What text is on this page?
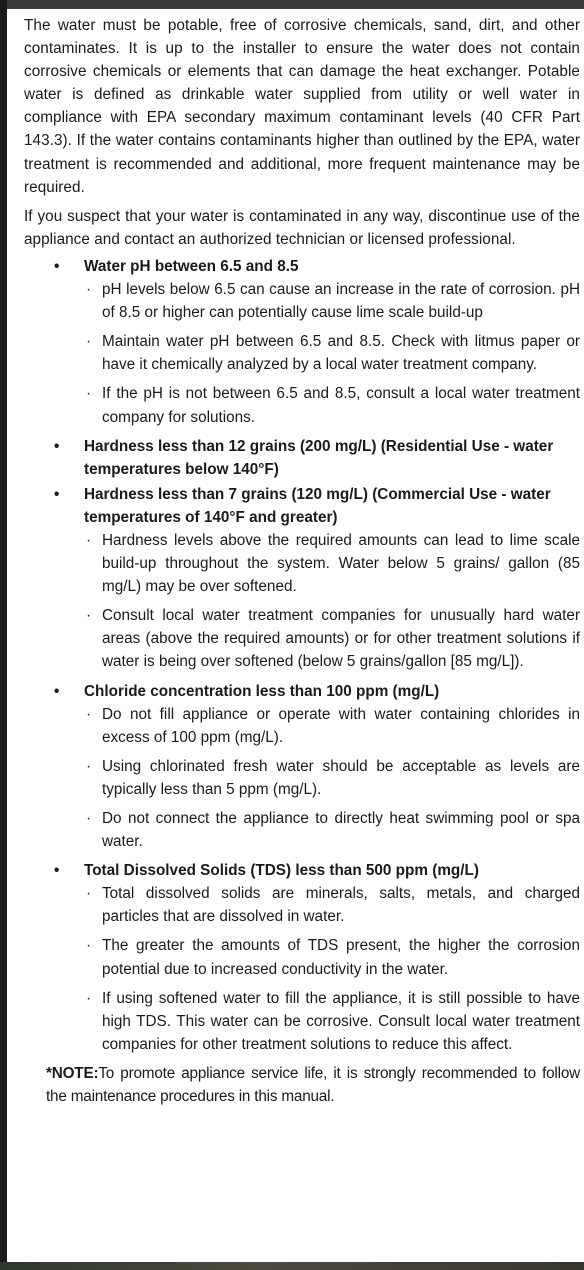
The water must be potable, free of corrosive chemicals, sand, dirt, and other contaminates. It is up to the installer to ensure the water does not contain corrosive chemicals or elements that can damage the heat exchanger. Potable water is defined as drinkable water supplied from utility or well water in compliance with EPA secondary maximum contaminant levels (40 CFR Part 143.3). If the water contains contaminants higher than outlined by the EPA, water treatment is recommended and additional, more frequent maintenance may be required.

If you suspect that your water is contaminated in any way, discontinue use of the appliance and contact an authorized technician or licensed professional.

• Water pH between 6.5 and 8.5
· pH levels below 6.5 can cause an increase in the rate of corrosion. pH of 8.5 or higher can potentially cause lime scale build-up
· Maintain water pH between 6.5 and 8.5. Check with litmus paper or have it chemically analyzed by a local water treatment company.
· If the pH is not between 6.5 and 8.5, consult a local water treatment company for solutions.
• Hardness less than 12 grains (200 mg/L) (Residential Use - water temperatures below 140°F)
• Hardness less than 7 grains (120 mg/L) (Commercial Use - water temperatures of 140°F and greater)
· Hardness levels above the required amounts can lead to lime scale build-up throughout the system. Water below 5 grains/ gallon (85 mg/L) may be over softened.
· Consult local water treatment companies for unusually hard water areas (above the required amounts) or for other treatment solutions if water is being over softened (below 5 grains/gallon [85 mg/L]).
• Chloride concentration less than 100 ppm (mg/L)
· Do not fill appliance or operate with water containing chlorides in excess of 100 ppm (mg/L).
· Using chlorinated fresh water should be acceptable as levels are typically less than 5 ppm (mg/L).
· Do not connect the appliance to directly heat swimming pool or spa water.
• Total Dissolved Solids (TDS) less than 500 ppm (mg/L)
· Total dissolved solids are minerals, salts, metals, and charged particles that are dissolved in water.
· The greater the amounts of TDS present, the higher the corrosion potential due to increased conductivity in the water.
· If using softened water to fill the appliance, it is still possible to have high TDS. This water can be corrosive. Consult local water treatment companies for other treatment solutions to reduce this affect.

*NOTE:To promote appliance service life, it is strongly recommended to follow the maintenance procedures in this manual.
